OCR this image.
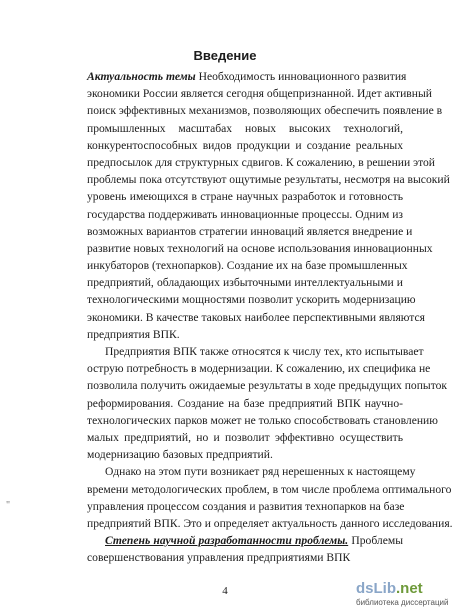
Введение
Актуальность темы Необходимость инновационного развития
экономики России является сегодня общепризнанной. Идет активный
поиск эффективных механизмов, позволяющих обеспечить появление в
промышленных масштабах новых высоких технологий,
конкурентоспособных видов продукции и создание реальных
предпосылок для структурных сдвигов. К сожалению, в решении этой
проблемы пока отсутствуют ощутимые результаты, несмотря на высокий
уровень имеющихся в стране научных разработок и готовность
государства поддерживать инновационные процессы. Одним из
возможных вариантов стратегии инноваций является внедрение и
развитие новых технологий на основе использования инновационных
инкубаторов (технопарков). Создание их на базе промышленных
предприятий, обладающих избыточными интеллектуальными и
технологическими мощностями позволит ускорить модернизацию
экономики. В качестве таковых наиболее перспективными являются
предприятия ВПК.
Предприятия ВПК также относятся к числу тех, кто испытывает
острую потребность в модернизации. К сожалению, их специфика не
позволила получить ожидаемые результаты в ходе предыдущих попыток
реформирования. Создание на базе предприятий ВПК научно-
технологических парков может не только способствовать становлению
малых предприятий, но и позволит эффективно осуществить
модернизацию базовых предприятий.
Однако на этом пути возникает ряд нерешенных к настоящему
времени методологических проблем, в том числе проблема оптимального
управления процессом создания и развития технопарков на базе
предприятий ВПК. Это и определяет актуальность данного исследования.
Степень научной разработанности проблемы. Проблемы
совершенствования управления предприятиями ВПК
"
4	dsLib.net
библиотека диссертаций
